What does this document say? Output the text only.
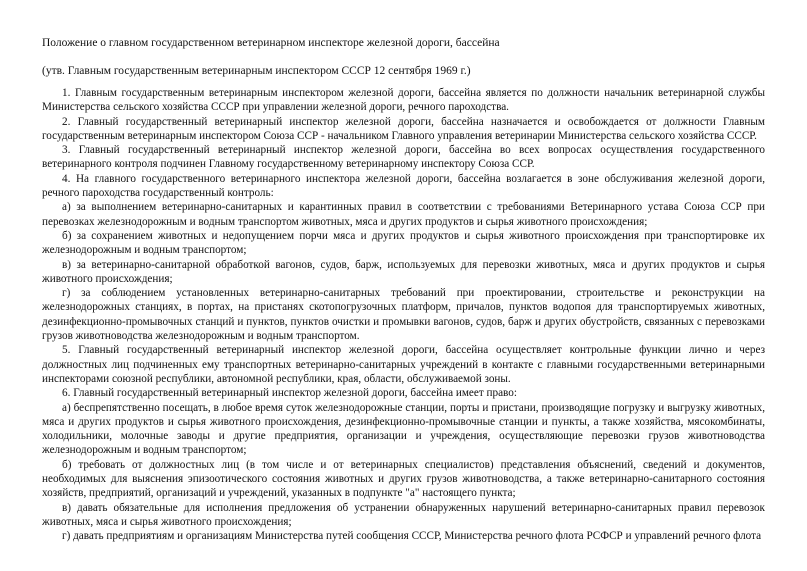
Положение о главном государственном ветеринарном инспекторе железной дороги, бассейна
(утв. Главным государственным ветеринарным инспектором СССР 12 сентября 1969 г.)

1. Главным государственным ветеринарным инспектором железной дороги, бассейна является по должности начальник ветеринарной службы Министерства сельского хозяйства СССР при управлении железной дороги, речного пароходства.

2. Главный государственный ветеринарный инспектор железной дороги, бассейна назначается и освобождается от должности Главным государственным ветеринарным инспектором Союза ССР - начальником Главного управления ветеринарии Министерства сельского хозяйства СССР.

3. Главный государственный ветеринарный инспектор железной дороги, бассейна во всех вопросах осуществления государственного ветеринарного контроля подчинен Главному государственному ветеринарному инспектору Союза ССР.

4. На главного государственного ветеринарного инспектора железной дороги, бассейна возлагается в зоне обслуживания железной дороги, речного пароходства государственный контроль:

а) за выполнением ветеринарно-санитарных и карантинных правил в соответствии с требованиями Ветеринарного устава Союза ССР при перевозках железнодорожным и водным транспортом животных, мяса и других продуктов и сырья животного происхождения;

б) за сохранением животных и недопущением порчи мяса и других продуктов и сырья животного происхождения при транспортировке их железнодорожным и водным транспортом;

в) за ветеринарно-санитарной обработкой вагонов, судов, барж, используемых для перевозки животных, мяса и других продуктов и сырья животного происхождения;

г) за соблюдением установленных ветеринарно-санитарных требований при проектировании, строительстве и реконструкции на железнодорожных станциях, в портах, на пристанях скотопогрузочных платформ, причалов, пунктов водопоя для транспортируемых животных, дезинфекционно-промывочных станций и пунктов, пунктов очистки и промывки вагонов, судов, барж и других обустройств, связанных с перевозками грузов животноводства железнодорожным и водным транспортом.

5. Главный государственный ветеринарный инспектор железной дороги, бассейна осуществляет контрольные функции лично и через должностных лиц подчиненных ему транспортных ветеринарно-санитарных учреждений в контакте с главными государственными ветеринарными инспекторами союзной республики, автономной республики, края, области, обслуживаемой зоны.

6. Главный государственный ветеринарный инспектор железной дороги, бассейна имеет право:

а) беспрепятственно посещать, в любое время суток железнодорожные станции, порты и пристани, производящие погрузку и выгрузку животных, мяса и других продуктов и сырья животного происхождения, дезинфекционно-промывочные станции и пункты, а также хозяйства, мясокомбинаты, холодильники, молочные заводы и другие предприятия, организации и учреждения, осуществляющие перевозки грузов животноводства железнодорожным и водным транспортом;

б) требовать от должностных лиц (в том числе и от ветеринарных специалистов) представления объяснений, сведений и документов, необходимых для выяснения эпизоотического состояния животных и других грузов животноводства, а также ветеринарно-санитарного состояния хозяйств, предприятий, организаций и учреждений, указанных в подпункте "а" настоящего пункта;

в) давать обязательные для исполнения предложения об устранении обнаруженных нарушений ветеринарно-санитарных правил перевозок животных, мяса и сырья животного происхождения;

г) давать предприятиям и организациям Министерства путей сообщения СССР, Министерства речного флота РСФСР и управлений речного флота
